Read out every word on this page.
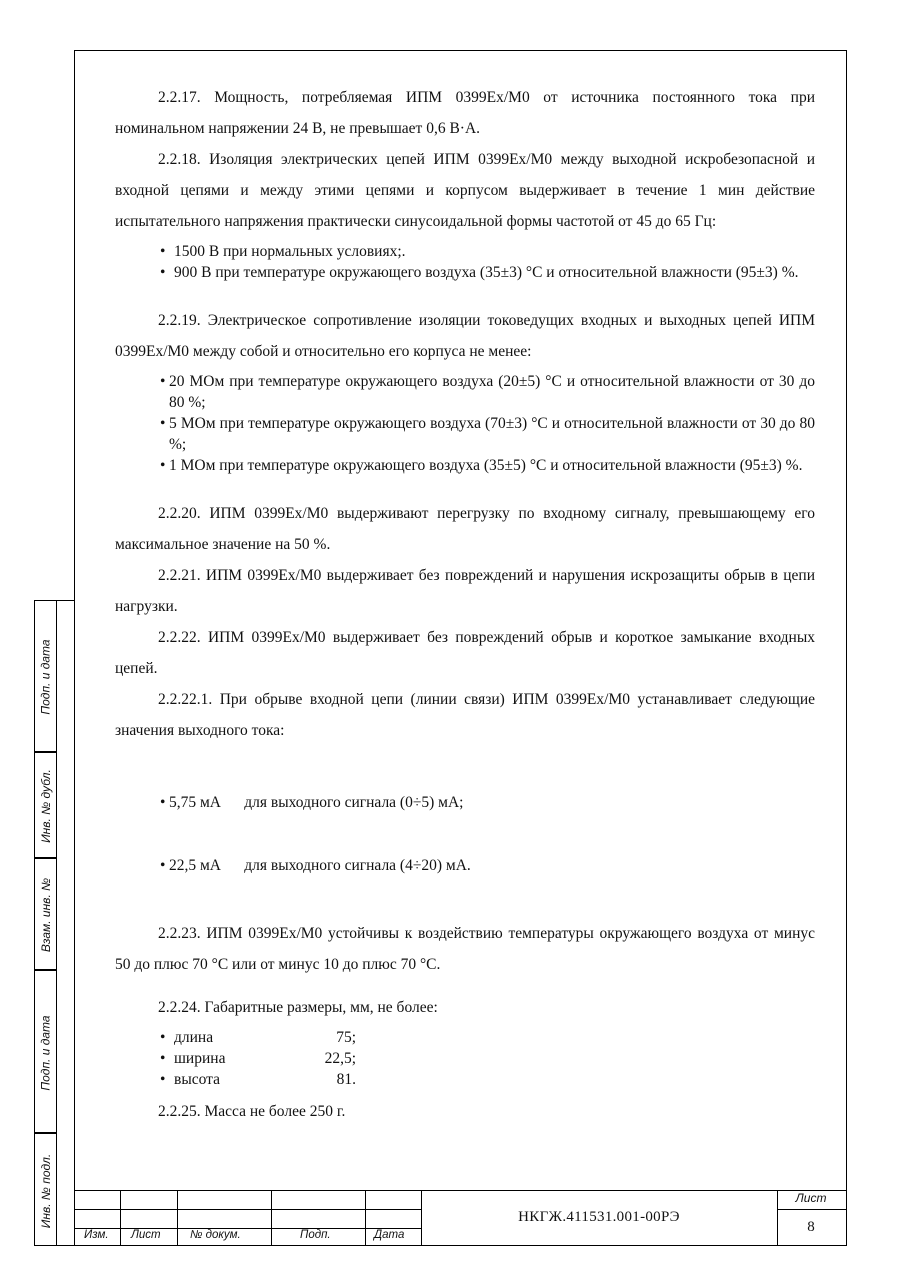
Подп. и дата
Инв. № дубл.
Взам. инв. №
Подп. и дата
Инв. № подл.

2.2.17. Мощность, потребляемая ИПМ 0399Ex/М0 от источника постоянного тока при номинальном напряжении 24 В, не превышает 0,6 В·А.

2.2.18. Изоляция электрических цепей ИПМ 0399Ex/М0 между выходной искробезопасной и входной цепями и между этими цепями и корпусом выдерживает в течение 1 мин действие испытательного напряжения практически синусоидальной формы частотой от 45 до 65 Гц:

• 1500 В при нормальных условиях;.
• 900 В при температуре окружающего воздуха (35±3) °С и относительной влажности (95±3) %.

2.2.19. Электрическое сопротивление изоляции токоведущих входных и выходных цепей ИПМ 0399Ex/М0 между собой и относительно его корпуса не менее:

• 20 МОм при температуре окружающего воздуха (20±5) °С и относительной влажности от 30 до 80 %;
• 5 МОм при температуре окружающего воздуха (70±3) °С и относительной влажности от 30 до 80 %;
• 1 МОм при температуре окружающего воздуха (35±5) °С и относительной влажности (95±3) %.

2.2.20. ИПМ 0399Ex/М0 выдерживают перегрузку по входному сигналу, превышающему его максимальное значение на 50 %.

2.2.21. ИПМ 0399Ex/М0 выдерживает без повреждений и нарушения искрозащиты обрыв в цепи нагрузки.

2.2.22. ИПМ 0399Ex/М0 выдерживает без повреждений обрыв и короткое замыкание входных цепей.

2.2.22.1. При обрыве входной цепи (линии связи) ИПМ 0399Ex/М0 устанавливает следующие значения выходного тока:

• 5,75 мА      для выходного сигнала (0÷5) мА;

• 22,5 мА      для выходного сигнала (4÷20) мА.

2.2.23. ИПМ 0399Ex/М0 устойчивы к воздействию температуры окружающего воздуха от минус 50 до плюс 70 °С или от минус 10 до плюс 70 °С.

2.2.24. Габаритные размеры, мм, не более:

• длина	75;
• ширина	22,5;
• высота	81.

2.2.25. Масса не более 250 г.

Изм. Лист	№ докум.	Подп.	Дата
НКГЖ.411531.001-00РЭ
Лист
8
